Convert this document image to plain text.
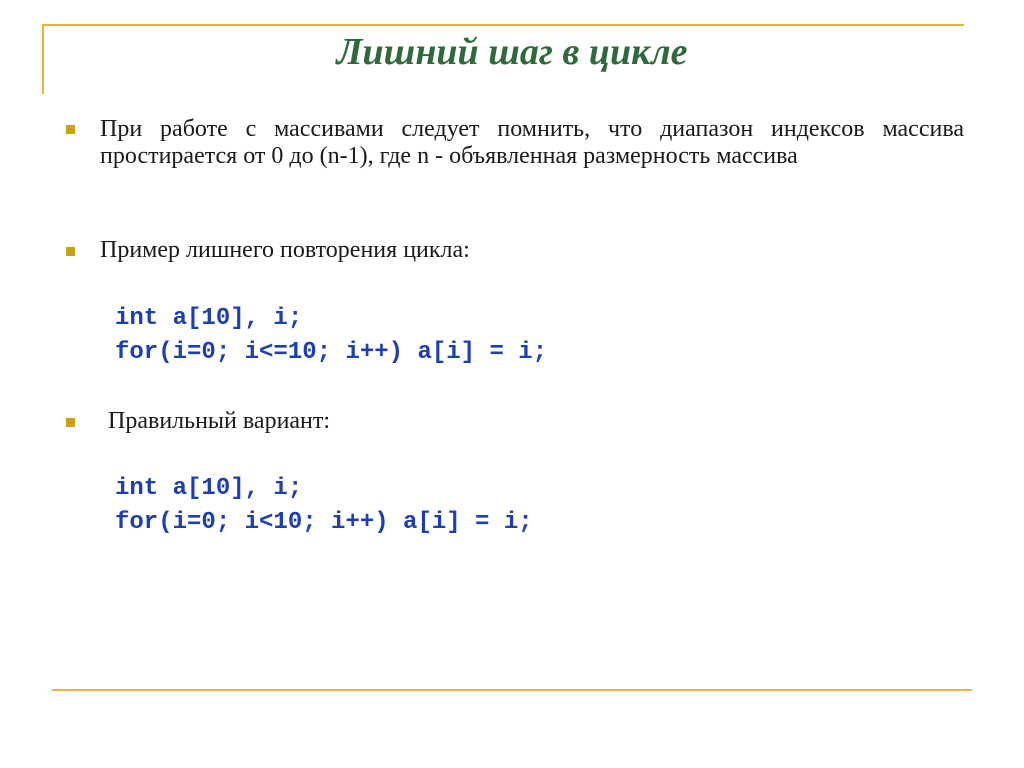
Лишний шаг в цикле
При работе с массивами следует помнить, что диапазон индексов массива простирается от 0 до (n-1), где n - объявленная размерность массива
Пример лишнего повторения цикла:
int a[10], i;
for(i=0; i<=10; i++) a[i] = i;
Правильный вариант:
int a[10], i;
for(i=0; i<10; i++) a[i] = i;
